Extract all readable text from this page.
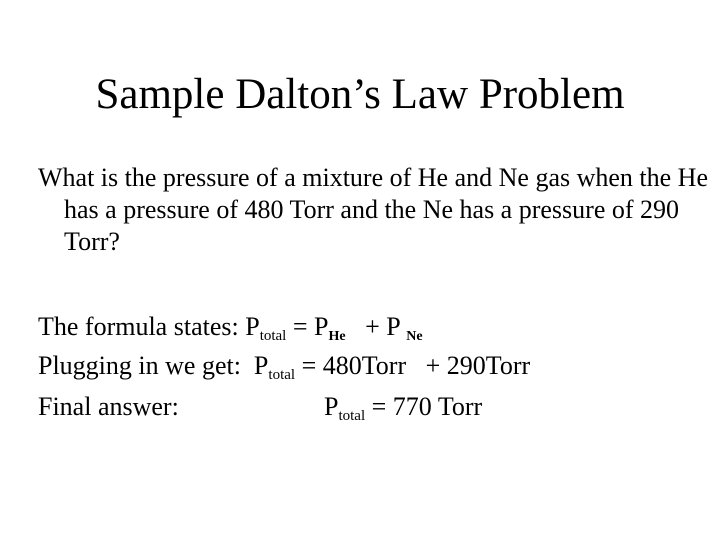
Sample Dalton’s Law Problem
What is the pressure of a mixture of He and Ne gas when the He has a pressure of 480 Torr and the Ne has a pressure of 290 Torr?
The formula states: $P_{total}$ = PHe   + P Ne
Plugging in we get:  $P_{total}$ = 480Torr   + 290Torr
Final answer:	$P_{total} = 770$ Torr
